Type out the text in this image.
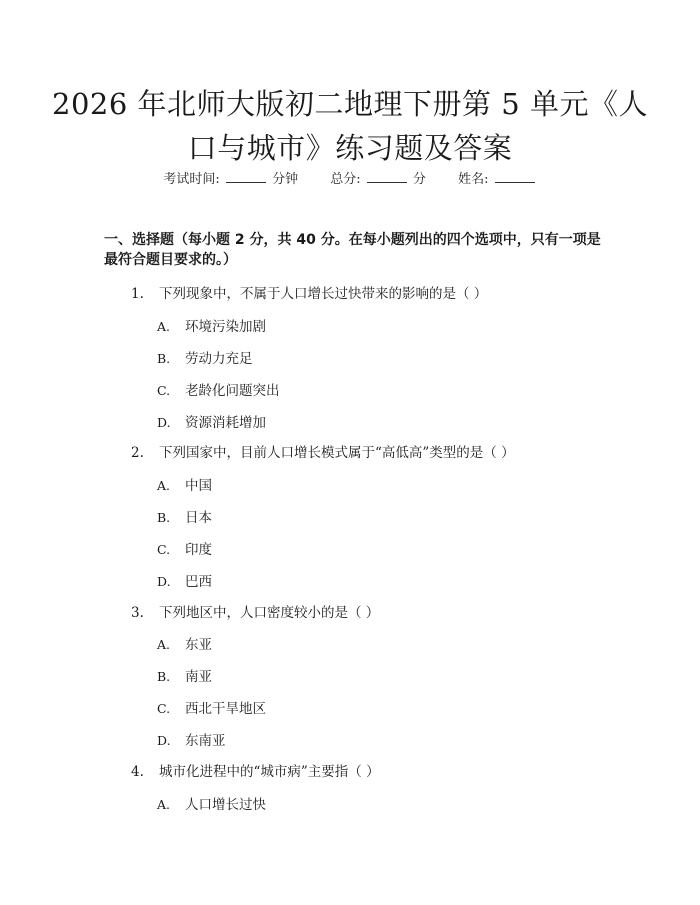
2026 年北师大版初二地理下册第 5 单元《人
口与城市》练习题及答案
考试时间:	分钟 总分:	分 姓名:
一、选择题（每小题 2 分，共 40 分。在每小题列出的四个选项中，只有一项是最符合题目要求的。）
1. 下列现象中，不属于人口增长过快带来的影响的是（ ）
A. 环境污染加剧
B. 劳动力充足
C. 老龄化问题突出
D. 资源消耗增加
2. 下列国家中，目前人口增长模式属于“高低高”类型的是（ ）
A. 中国
B. 日本
C. 印度
D. 巴西
3. 下列地区中，人口密度较小的是（ ）
A. 东亚
B. 南亚
C. 西北干旱地区
D. 东南亚
4. 城市化进程中的“城市病”主要指（ ）
A. 人口增长过快
